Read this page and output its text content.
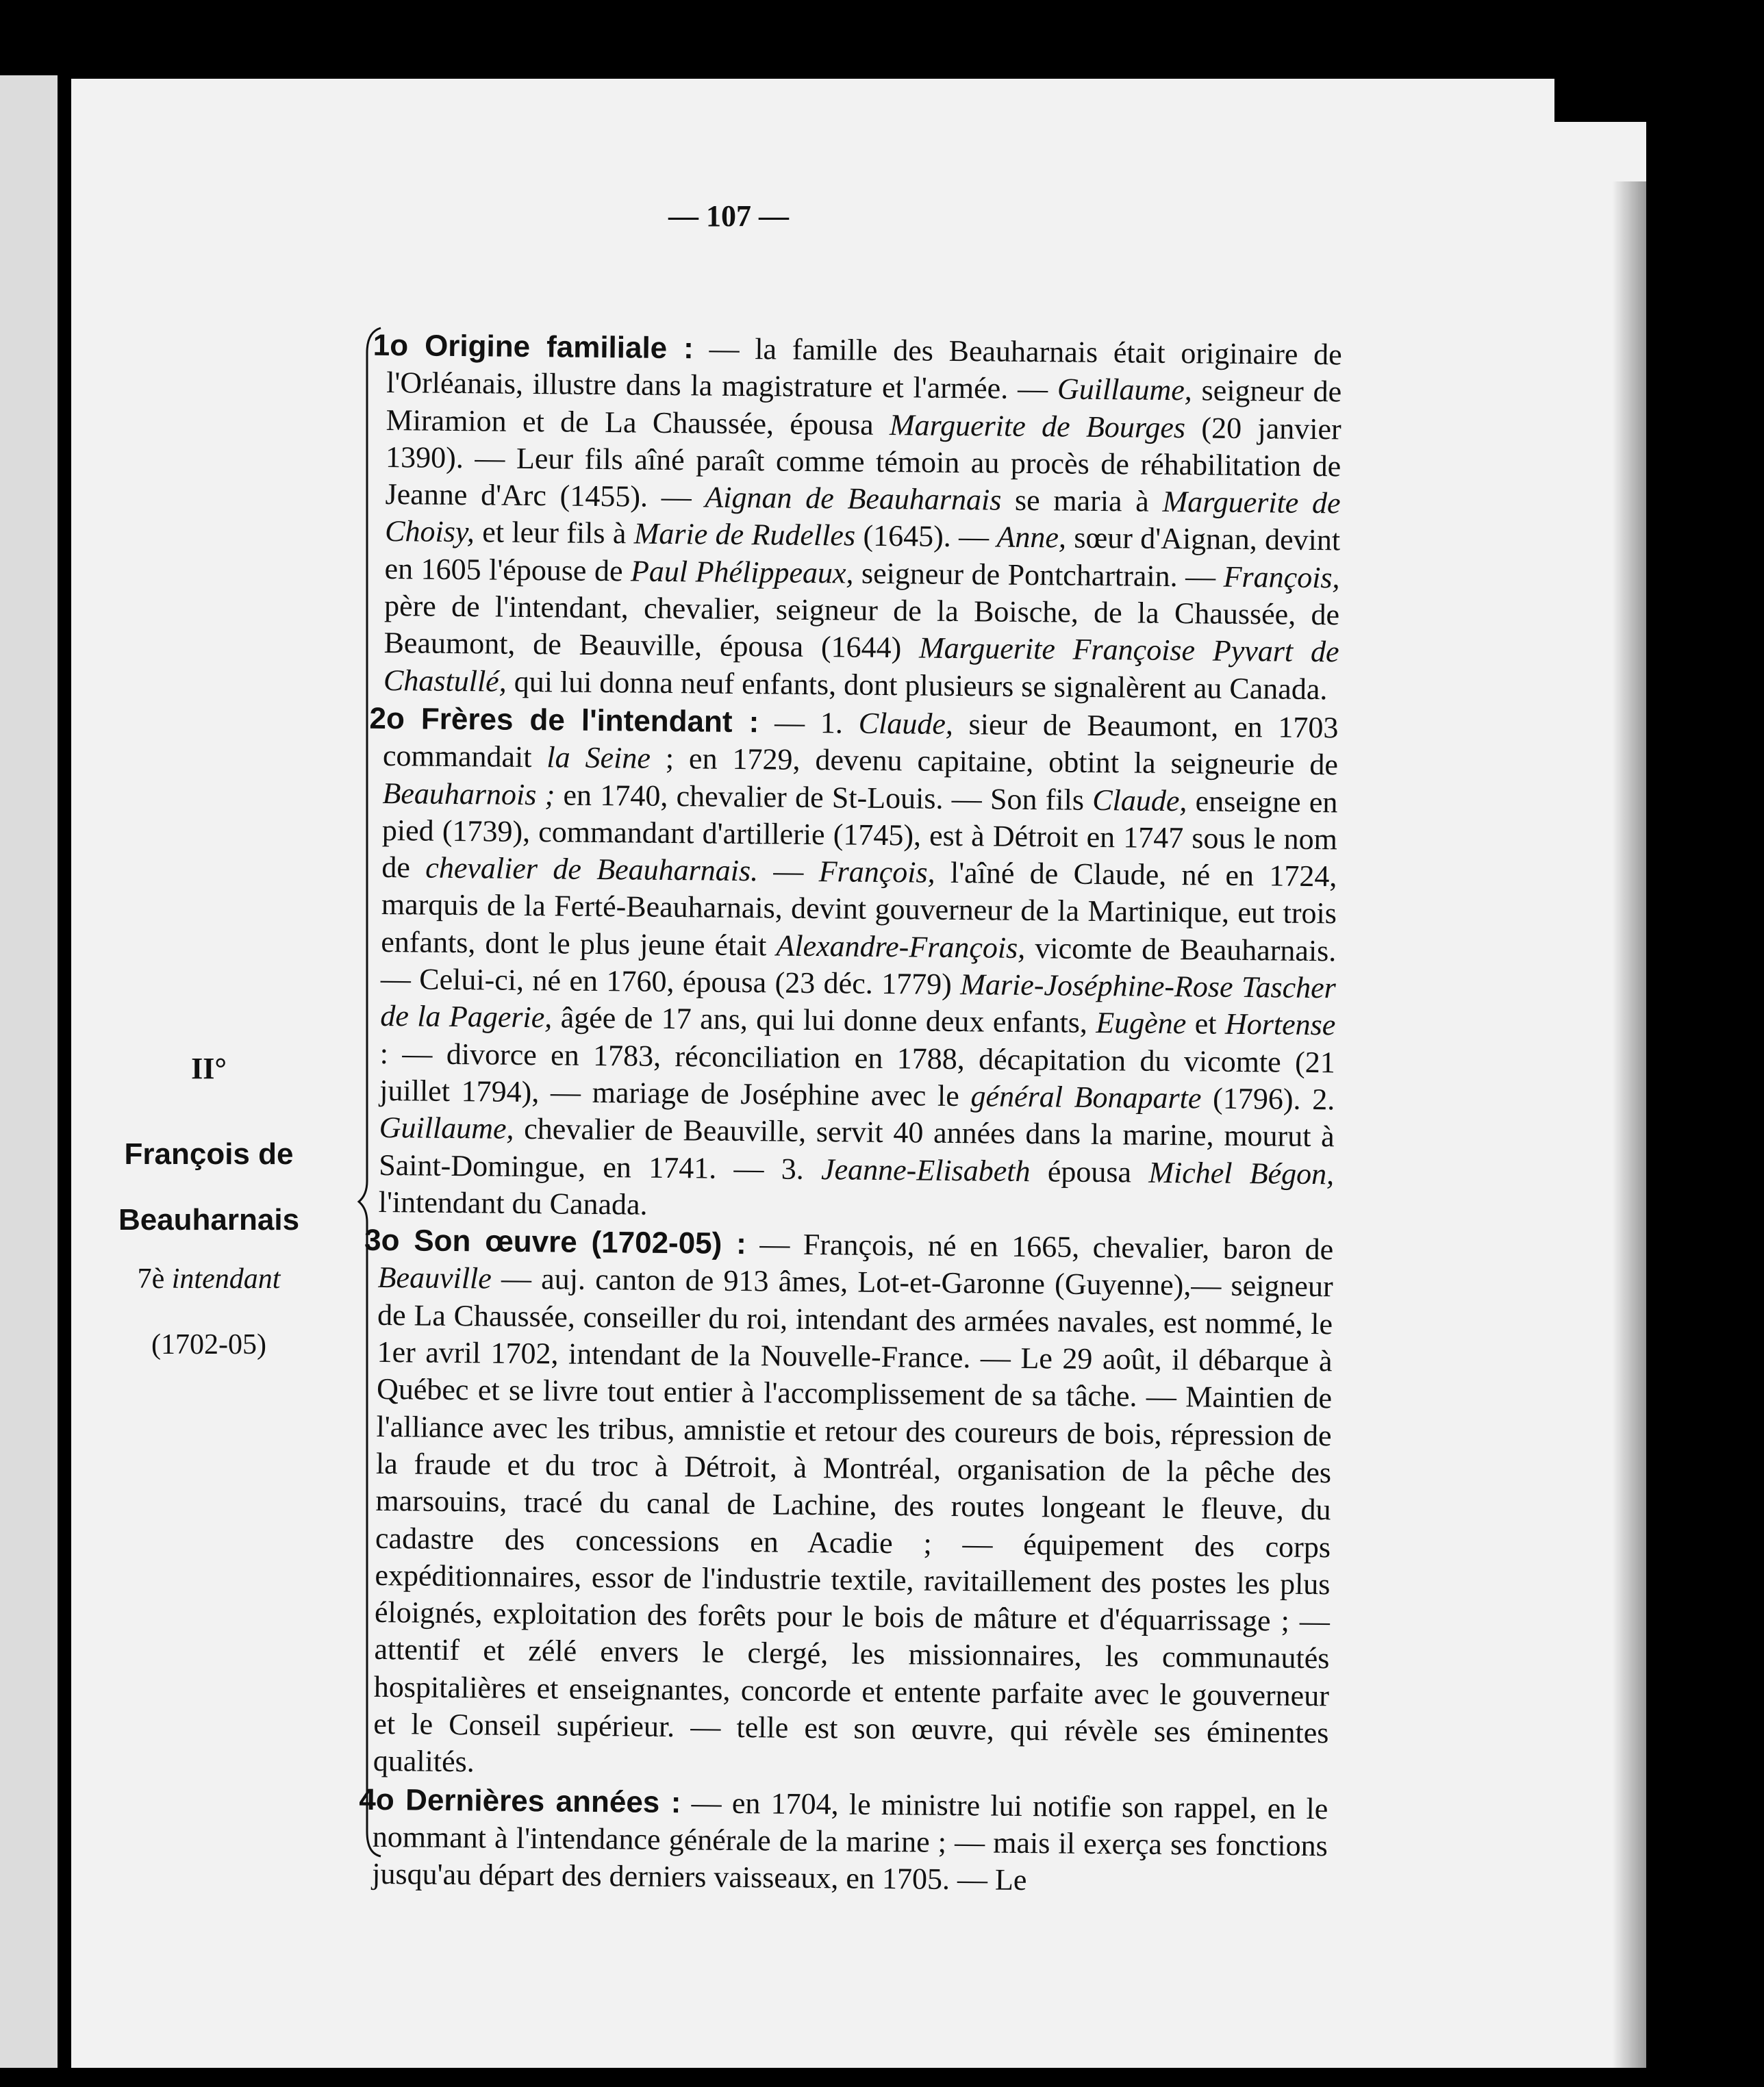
— 107 —
II°
François de
Beauharnais
7è intendant
(1702-05)

1o Origine familiale : — la famille des Beauharnais était originaire de l'Orléanais, illustre dans la magistrature et l'armée. — Guillaume, seigneur de Miramion et de La Chaussée, épousa Marguerite de Bourges (20 janvier 1390). — Leur fils aîné paraît comme témoin au procès de réhabilitation de Jeanne d'Arc (1455). — Aignan de Beauharnais se maria à Marguerite de Choisy, et leur fils à Marie de Rudelles (1645). — Anne, sœur d'Aignan, devint en 1605 l'épouse de Paul Phélippeaux, seigneur de Pontchartrain. — François, père de l'intendant, chevalier, seigneur de la Boische, de la Chaussée, de Beaumont, de Beauville, épousa (1644) Marguerite Françoise Pyvart de Chastullé, qui lui donna neuf enfants, dont plusieurs se signalèrent au Canada.

2o Frères de l'intendant : — 1. Claude, sieur de Beaumont, en 1703 commandait la Seine ; en 1729, devenu capitaine, obtint la seigneurie de Beauharnois ; en 1740, chevalier de St-Louis. — Son fils Claude, enseigne en pied (1739), commandant d'artillerie (1745), est à Détroit en 1747 sous le nom de chevalier de Beauharnais. — François, l'aîné de Claude, né en 1724, marquis de la Ferté-Beauharnais, devint gouverneur de la Martinique, eut trois enfants, dont le plus jeune était Alexandre-François, vicomte de Beauharnais. — Celui-ci, né en 1760, épousa (23 déc. 1779) Marie-Joséphine-Rose Tascher de la Pagerie, âgée de 17 ans, qui lui donne deux enfants, Eugène et Hortense : — divorce en 1783, réconciliation en 1788, décapitation du vicomte (21 juillet 1794), — mariage de Joséphine avec le général Bonaparte (1796). 2. Guillaume, chevalier de Beauville, servit 40 années dans la marine, mourut à Saint-Domingue, en 1741. — 3. Jeanne-Elisabeth épousa Michel Bégon, l'intendant du Canada.

3o Son œuvre (1702-05) : — François, né en 1665, chevalier, baron de Beauville — auj. canton de 913 âmes, Lot-et-Garonne (Guyenne),— seigneur de La Chaussée, conseiller du roi, intendant des armées navales, est nommé, le 1er avril 1702, intendant de la Nouvelle-France. — Le 29 août, il débarque à Québec et se livre tout entier à l'accomplissement de sa tâche. — Maintien de l'alliance avec les tribus, amnistie et retour des coureurs de bois, répression de la fraude et du troc à Détroit, à Montréal, organisation de la pêche des marsouins, tracé du canal de Lachine, des routes longeant le fleuve, du cadastre des concessions en Acadie ; — équipement des corps expéditionnaires, essor de l'industrie textile, ravitaillement des postes les plus éloignés, exploitation des forêts pour le bois de mâture et d'équarrissage ; — attentif et zélé envers le clergé, les missionnaires, les communautés hospitalières et enseignantes, concorde et entente parfaite avec le gouverneur et le Conseil supérieur. — telle est son œuvre, qui révèle ses éminentes qualités.

4o Dernières années : — en 1704, le ministre lui notifie son rappel, en le nommant à l'intendance générale de la marine ; — mais il exerça ses fonctions jusqu'au départ des derniers vaisseaux, en 1705. — Le
